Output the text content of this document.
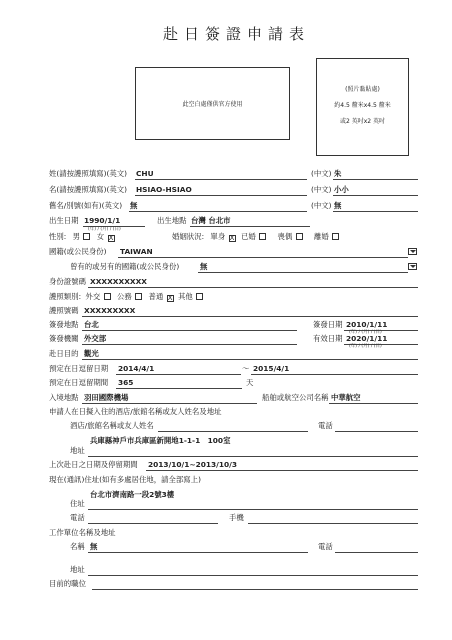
赴日簽證申請表
此空白處僅供官方使用
(照片黏貼處)
約4.5 釐米x4.5 釐米
或2 英吋x2 英吋
姓(請按護照填寫)(英文) CHU	(中文) 朱
名(請按護照填寫)(英文) HSIAO-HSIAO	(中文) 小小
舊名/別號(如有)(英文) 無	(中文) 無
出生日期 1990/1/1
(年) / (月) / (日)
出生地點 台灣 台北市
性別: 男 女 X	婚姻狀況: 單身 X 已婚	喪偶	離婚
國籍(或公民身份) TAIWAN
曾有的或另有的國籍(或公民身份)	無
身份證號碼 XXXXXXXXXX
護照類別: 外交 公務 普通 X 其他
護照號碼 XXXXXXXXX
簽發地點 台北	簽發日期 2010/1/11
(年) / (月) / (日)
簽發機關 外交部	有效日期 2020/1/11
(年) / (月) / (日)
赴日目的 觀光
預定在日逗留日期 2014/4/1	～ 2015/4/1
預定在日逗留期間 365	天
入境地點 羽田國際機場	船舶或航空公司名稱 中華航空
申請人在日擬入住的酒店/旅館名稱或友人姓名及地址
酒店/旅館名稱或友人姓名	電話
兵庫縣神戶市兵庫區新開地1-1-1　100室
地址
上次赴日之日期及停留期間 2013/10/1~2013/10/3
現在(通訊)住址(如有多處居住地，請全部寫上)
台北市濟南路一段2號3樓
住址
電話	手機
工作單位名稱及地址
名稱 無	電話
地址
目前的職位
